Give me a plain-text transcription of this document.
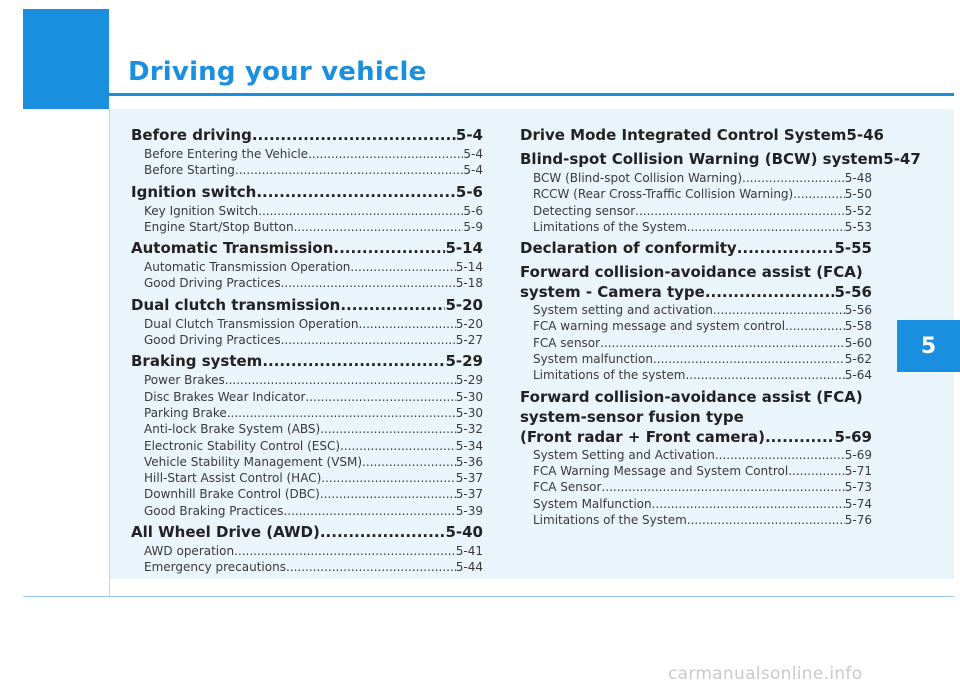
Driving your vehicle
Before driving .....	5-4
Before Entering the Vehicle .....	5-4
Before Starting .....	5-4
Ignition switch .....	5-6
Key Ignition Switch .....	5-6
Engine Start/Stop Button .....	5-9
Automatic Transmission .....	5-14
Automatic Transmission Operation .....	5-14
Good Driving Practices .....	5-18
Dual clutch transmission .....	5-20
Dual Clutch Transmission Operation .....	5-20
Good Driving Practices .....	5-27
Braking system .....	5-29
Power Brakes .....	5-29
Disc Brakes Wear Indicator .....	5-30
Parking Brake .....	5-30
Anti-lock Brake System (ABS) .....	5-32
Electronic Stability Control (ESC) .....	5-34
Vehicle Stability Management (VSM) .....	5-36
Hill-Start Assist Control (HAC) .....	5-37
Downhill Brake Control (DBC) .....	5-37
Good Braking Practices .....	5-39
All Wheel Drive (AWD) .....	5-40
AWD operation .....	5-41
Emergency precautions .....	5-44
Drive Mode Integrated Control System 5-46
Blind-spot Collision Warning (BCW) system 5-47
BCW (Blind-spot Collision Warning) .....	5-48
RCCW (Rear Cross-Traffic Collision Warning) .....	5-50
Detecting sensor .....	5-52
Limitations of the System .....	5-53
Declaration of conformity .....	5-55
Forward collision-avoidance assist (FCA)
system - Camera type .....	5-56
System setting and activation .....	5-56
FCA warning message and system control .....	5-58
FCA sensor .....	5-60
System malfunction .....	5-62
Limitations of the system .....	5-64
Forward collision-avoidance assist (FCA)
system-sensor fusion type
(Front radar + Front camera) .....	5-69
System Setting and Activation .....	5-69
FCA Warning Message and System Control .....	5-71
FCA Sensor .....	5-73
System Malfunction .....	5-74
Limitations of the System .....	5-76
5
carmanualsonline.info
